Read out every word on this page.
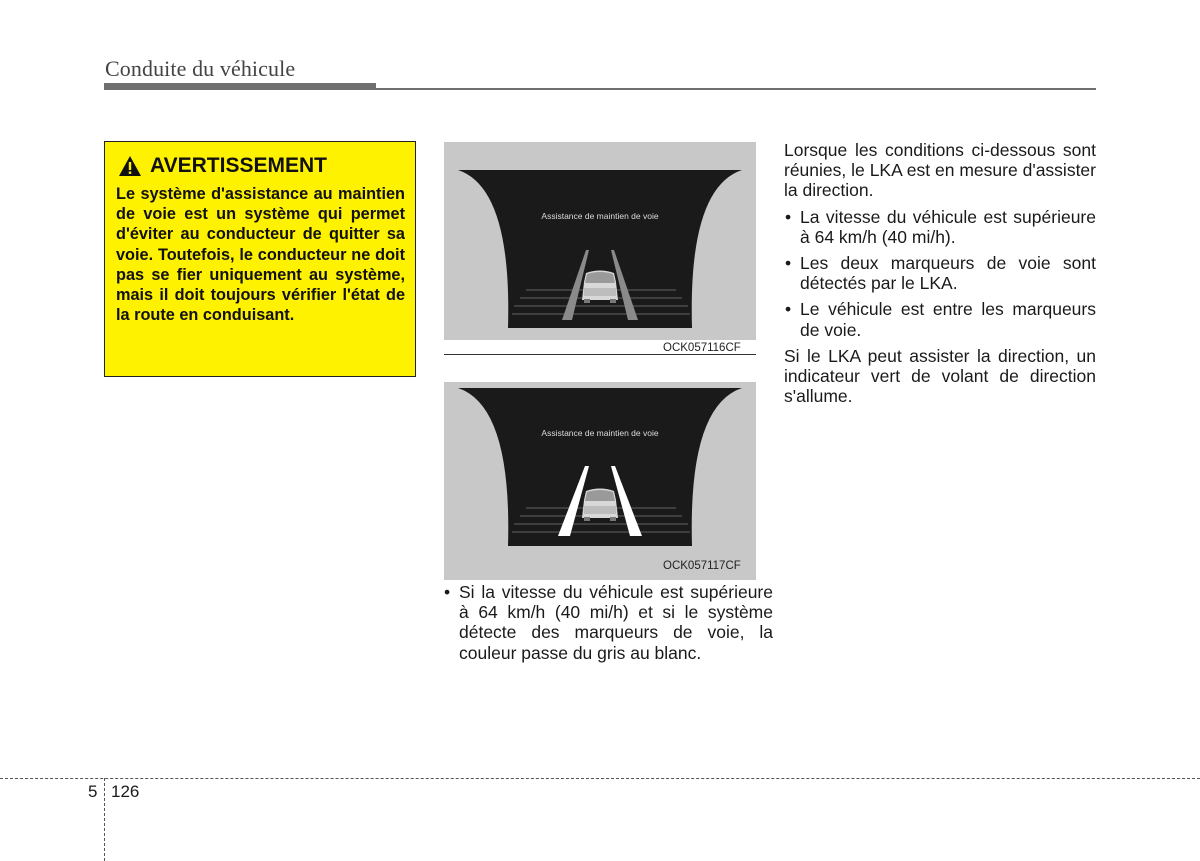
Conduite du véhicule
AVERTISSEMENT

Le système d'assistance au maintien de voie est un système qui permet d'éviter au conducteur de quitter sa voie. Toutefois, le conducteur ne doit pas se fier uniquement au système, mais il doit toujours vérifier l'état de la route en conduisant.

Assistance de maintien de voie
OCK057116CF
Assistance de maintien de voie
OCK057117CF
• Si la vitesse du véhicule est supérieure à 64 km/h (40 mi/h) et si le système détecte des marqueurs de voie, la couleur passe du gris au blanc.

Lorsque les conditions ci-dessous sont réunies, le LKA est en mesure d'assister la direction.

• La vitesse du véhicule est supérieure à 64 km/h (40 mi/h).
• Les deux marqueurs de voie sont détectés par le LKA.
• Le véhicule est entre les marqueurs de voie.

Si le LKA peut assister la direction, un indicateur vert de volant de direction s'allume.

5 126
